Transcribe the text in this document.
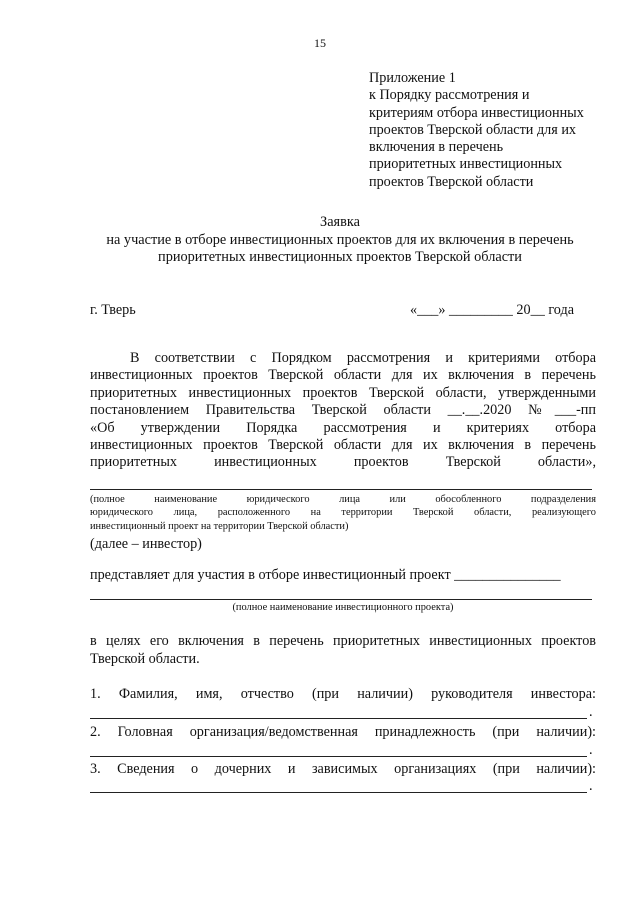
15
Приложение 1
к Порядку рассмотрения и
критериям отбора инвестиционных
проектов Тверской области для их
включения в перечень
приоритетных инвестиционных
проектов Тверской области
Заявка
на участие в отборе инвестиционных проектов для их включения в перечень
приоритетных инвестиционных проектов Тверской области
г. Тверь	«___» _________ 20__ года
В соответствии с Порядком рассмотрения и критериями отбора
инвестиционных проектов Тверской области для их включения в перечень
приоритетных инвестиционных проектов Тверской области, утвержденными
постановлением Правительства Тверской области __.__.2020 №___-пп
«Об утверждении Порядка рассмотрения и критериях отбора
инвестиционных проектов Тверской области для их включения в перечень
приоритетных инвестиционных проектов Тверской области»,
(полное наименование юридического лица или обособленного подразделения
юридического лица, расположенного на территории Тверской области, реализующего
инвестиционный проект на территории Тверской области)
(далее – инвестор)
представляет для участия в отборе инвестиционный проект _______________
(полное наименование инвестиционного проекта)
в целях его включения в перечень приоритетных инвестиционных проектов
Тверской области.
1. Фамилия, имя, отчество (при наличии) руководителя инвестора:
.
2. Головная организация/ведомственная принадлежность (при наличии):
.
3. Сведения о дочерних и зависимых организациях (при наличии):
.
